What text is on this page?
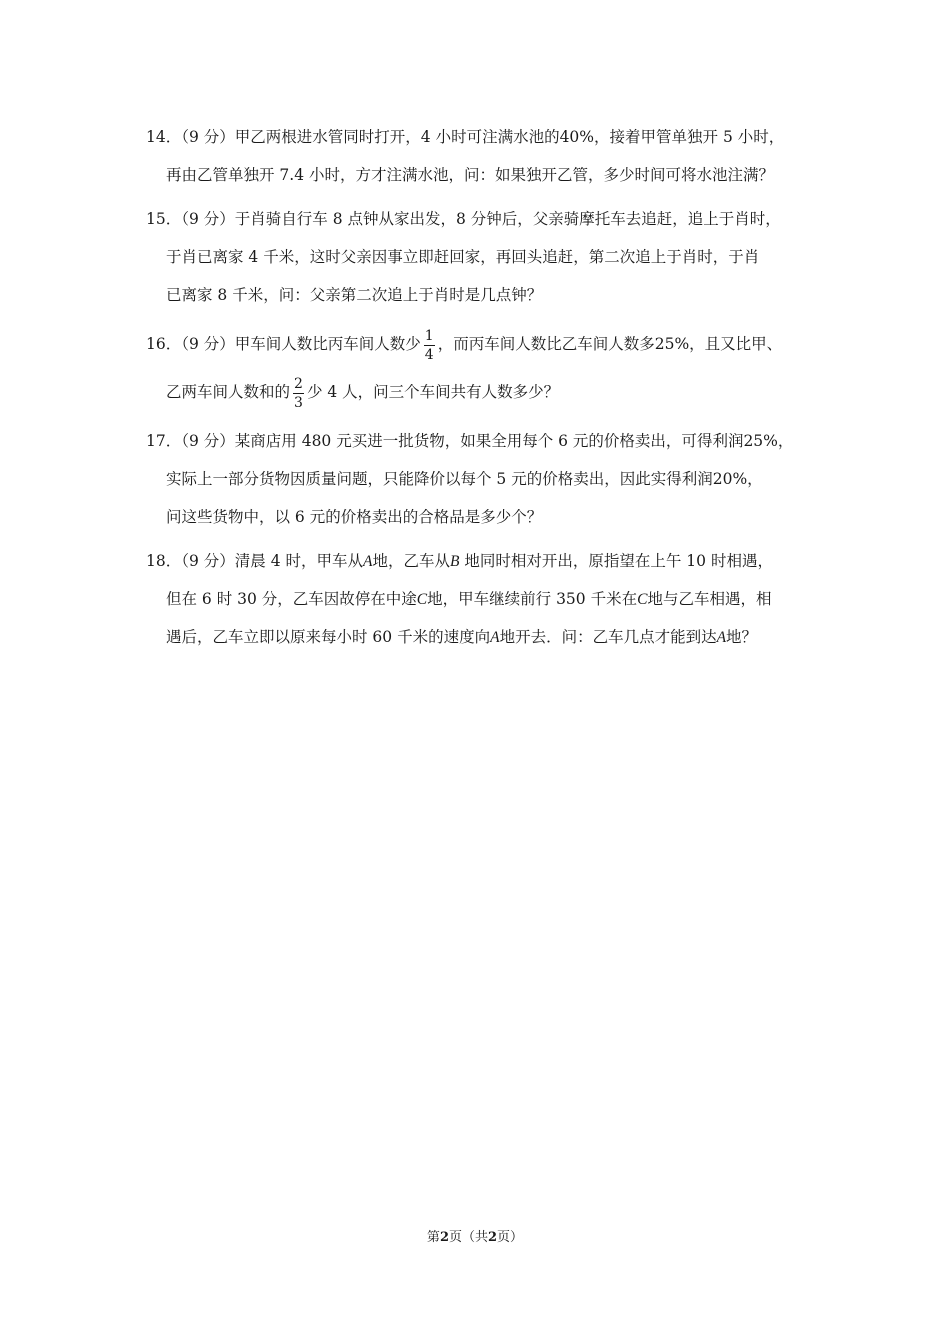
14．（9 分）甲乙两根进水管同时打开，4 小时可注满水池的40%，接着甲管单独开 5 小时，
再由乙管单独开 7.4 小时，方才注满水池，问：如果独开乙管，多少时间可将水池注满？
15．（9 分）于肖骑自行车 8 点钟从家出发，8 分钟后，父亲骑摩托车去追赶，追上于肖时，
于肖已离家 4 千米，这时父亲因事立即赶回家，再回头追赶，第二次追上于肖时，于肖
已离家 8 千米，问：父亲第二次追上于肖时是几点钟？
16．（9 分）甲车间人数比丙车间人数少 $\frac{1}{4}$ ，而丙车间人数比乙车间人数多25%，且又比甲、
乙两车间人数和的 $\frac{2}{3}$ 少 4 人，问三个车间共有人数多少？
17．（9 分）某商店用 480 元买进一批货物，如果全用每个 6 元的价格卖出，可得利润25%，
实际上一部分货物因质量问题，只能降价以每个 5 元的价格卖出，因此实得利润20%，
问这些货物中，以 6 元的价格卖出的合格品是多少个？
18．（9 分）清晨 4 时，甲车从A地，乙车从B 地同时相对开出，原指望在上午 10 时相遇，
但在 6 时 30 分，乙车因故停在中途C地，甲车继续前行 350 千米在C地与乙车相遇，相
遇后，乙车立即以原来每小时 60 千米的速度向A地开去．问：乙车几点才能到达A地？
第2页（共2页）
